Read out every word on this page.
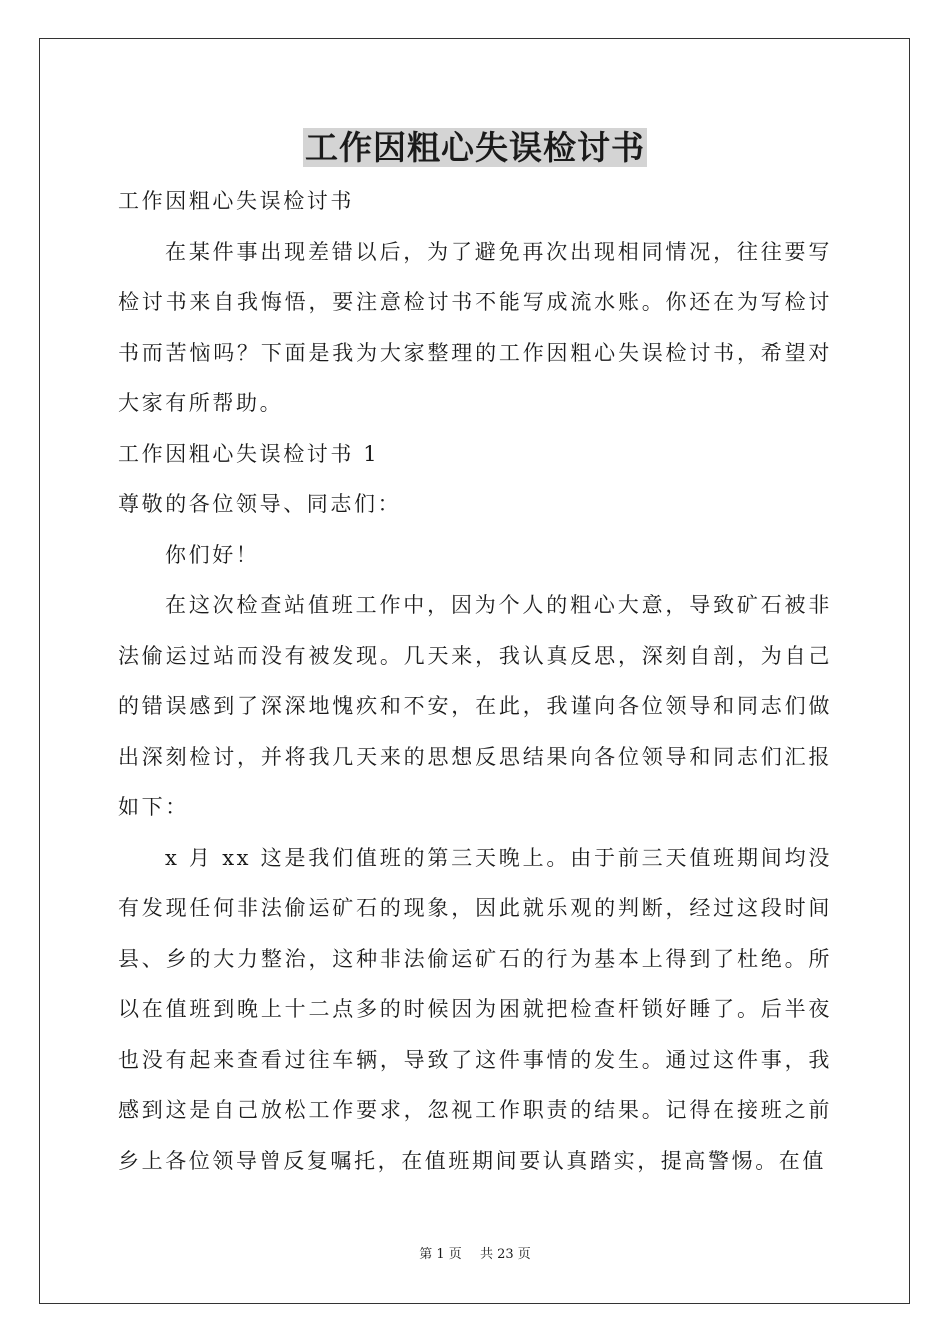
工作因粗心失误检讨书

工作因粗心失误检讨书

在某件事出现差错以后，为了避免再次出现相同情况，往往要写检讨书来自我悔悟，要注意检讨书不能写成流水账。你还在为写检讨书而苦恼吗？下面是我为大家整理的工作因粗心失误检讨书，希望对大家有所帮助。

工作因粗心失误检讨书 1

尊敬的各位领导、同志们：

你们好！

在这次检查站值班工作中，因为个人的粗心大意，导致矿石被非法偷运过站而没有被发现。几天来，我认真反思，深刻自剖，为自己的错误感到了深深地愧疚和不安，在此，我谨向各位领导和同志们做出深刻检讨，并将我几天来的思想反思结果向各位领导和同志们汇报如下：

x 月 xx 这是我们值班的第三天晚上。由于前三天值班期间均没有发现任何非法偷运矿石的现象，因此就乐观的判断，经过这段时间县、乡的大力整治，这种非法偷运矿石的行为基本上得到了杜绝。所以在值班到晚上十二点多的时候因为困就把检查杆锁好睡了。后半夜也没有起来查看过往车辆，导致了这件事情的发生。通过这件事，我感到这是自己放松工作要求，忽视工作职责的结果。记得在接班之前乡上各位领导曾反复嘱托，在值班期间要认真踏实，提高警惕。在值

第 1 页 共 23 页
